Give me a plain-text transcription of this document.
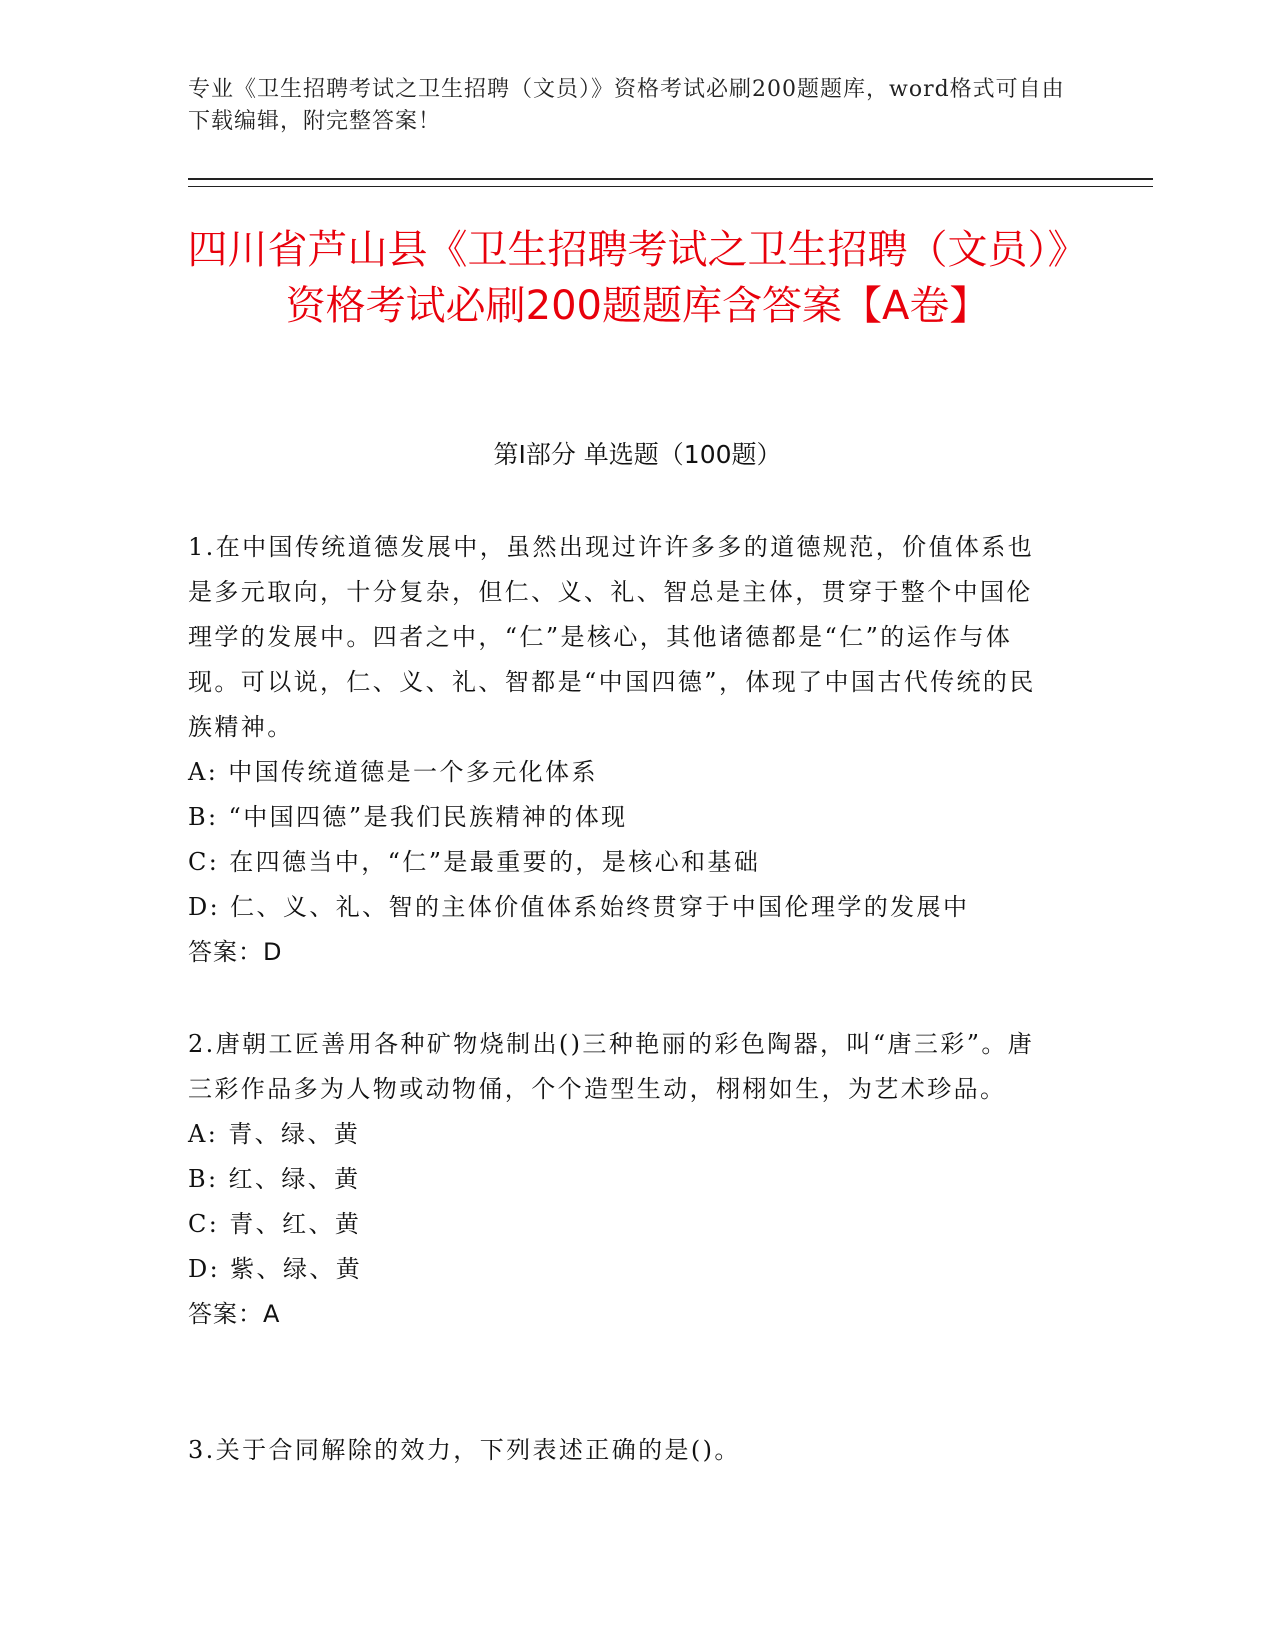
专业《卫生招聘考试之卫生招聘（文员）》资格考试必刷200题题库，word格式可自由下载编辑，附完整答案！
四川省芦山县《卫生招聘考试之卫生招聘（文员）》资格考试必刷200题题库含答案【A卷】
第I部分 单选题（100题）
1.在中国传统道德发展中，虽然出现过许许多多的道德规范，价值体系也是多元取向，十分复杂，但仁、义、礼、智总是主体，贯穿于整个中国伦理学的发展中。四者之中，“仁”是核心，其他诸德都是“仁”的运作与体现。可以说，仁、义、礼、智都是“中国四德”，体现了中国古代传统的民族精神。
A: 中国传统道德是一个多元化体系
B: “中国四德”是我们民族精神的体现
C: 在四德当中，“仁”是最重要的，是核心和基础
D: 仁、义、礼、智的主体价值体系始终贯穿于中国伦理学的发展中
答案：D
2.唐朝工匠善用各种矿物烧制出()三种艳丽的彩色陶器，叫“唐三彩”。唐三彩作品多为人物或动物俑，个个造型生动，栩栩如生，为艺术珍品。
A: 青、绿、黄
B: 红、绿、黄
C: 青、红、黄
D: 紫、绿、黄
答案：A
3.关于合同解除的效力，下列表述正确的是()。
